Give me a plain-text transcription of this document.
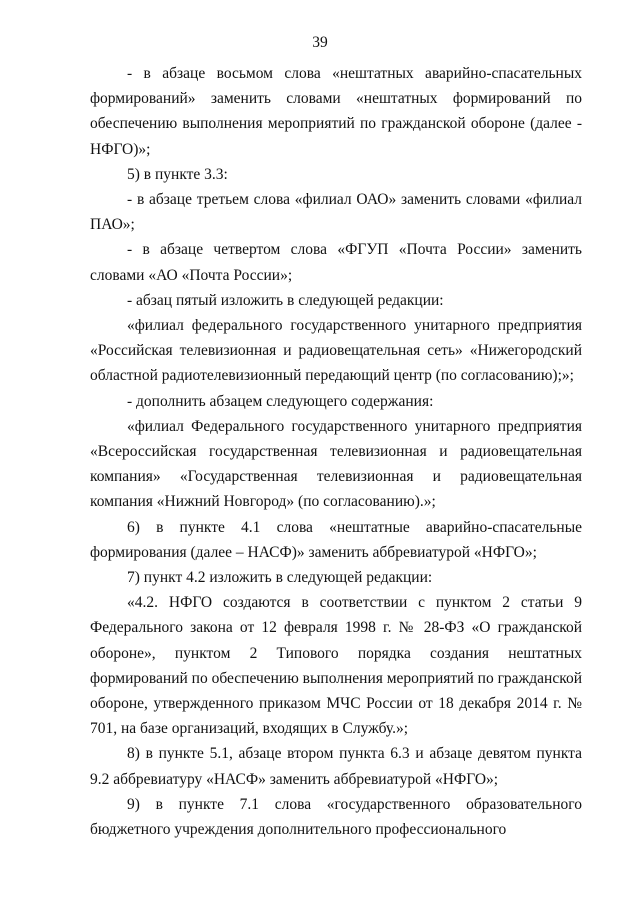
39

- в абзаце восьмом слова «нештатных аварийно-спасательных формирований» заменить словами «нештатных формирований по обеспечению выполнения мероприятий по гражданской обороне (далее - НФГО)»;

5) в пункте 3.3:

- в абзаце третьем слова «филиал ОАО» заменить словами «филиал ПАО»;

- в абзаце четвертом слова «ФГУП «Почта России» заменить словами «АО «Почта России»;

- абзац пятый изложить в следующей редакции:

«филиал федерального государственного унитарного предприятия «Российская телевизионная и радиовещательная сеть» «Нижегородский областной радиотелевизионный передающий центр (по согласованию);»;

- дополнить абзацем следующего содержания:

«филиал Федерального государственного унитарного предприятия «Всероссийская государственная телевизионная и радиовещательная компания» «Государственная телевизионная и радиовещательная компания «Нижний Новгород» (по согласованию).»;

6) в пункте 4.1 слова «нештатные аварийно-спасательные формирования (далее – НАСФ)» заменить аббревиатурой «НФГО»;

7) пункт 4.2 изложить в следующей редакции:

«4.2. НФГО создаются в соответствии с пунктом 2 статьи 9 Федерального закона от 12 февраля 1998 г. № 28-ФЗ «О гражданской обороне», пунктом 2 Типового порядка создания нештатных формирований по обеспечению выполнения мероприятий по гражданской обороне, утвержденного приказом МЧС России от 18 декабря 2014 г. № 701, на базе организаций, входящих в Службу.»;

8) в пункте 5.1, абзаце втором пункта 6.3 и абзаце девятом пункта 9.2 аббревиатуру «НАСФ» заменить аббревиатурой «НФГО»;

9) в пункте 7.1 слова «государственного образовательного бюджетного учреждения дополнительного профессионального
